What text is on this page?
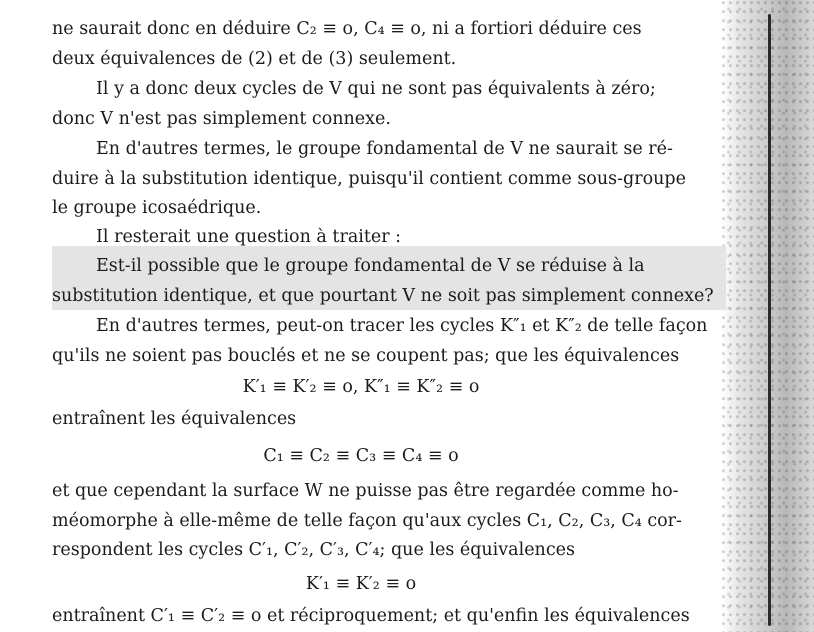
ne saurait donc en déduire C₂ ≡ o, C₄ ≡ o, ni a fortiori déduire ces
deux équivalences de (2) et de (3) seulement.
Il y a donc deux cycles de V qui ne sont pas équivalents à zéro;
donc V n'est pas simplement connexe.
En d'autres termes, le groupe fondamental de V ne saurait se ré-
duire à la substitution identique, puisqu'il contient comme sous-groupe
le groupe icosaédrique.
Il resterait une question à traiter :
Est-il possible que le groupe fondamental de V se réduise à la
substitution identique, et que pourtant V ne soit pas simplement connexe?
En d'autres termes, peut-on tracer les cycles K″₁ et K″₂ de telle façon
qu'ils ne soient pas bouclés et ne se coupent pas; que les équivalences
K′₁ ≡ K′₂ ≡ o, K″₁ ≡ K″₂ ≡ o
entraînent les équivalences
C₁ ≡ C₂ ≡ C₃ ≡ C₄ ≡ o
et que cependant la surface W ne puisse pas être regardée comme ho-
méomorphe à elle-même de telle façon qu'aux cycles C₁, C₂, C₃, C₄ cor-
respondent les cycles C′₁, C′₂, C′₃, C′₄; que les équivalences
K′₁ ≡ K′₂ ≡ o
entraînent C′₁ ≡ C′₂ ≡ o et réciproquement; et qu'enfin les équivalences
